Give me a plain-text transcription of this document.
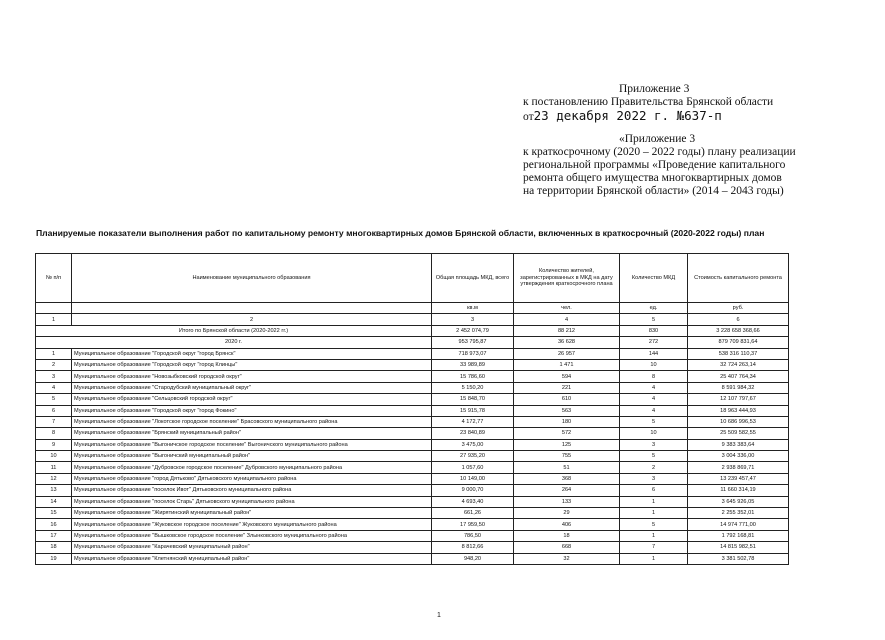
Приложение 3
к постановлению Правительства Брянской области
от23 декабря 2022 г. №637-п
«Приложение 3
к краткосрочному (2020 – 2022 годы) плану реализации
региональной программы «Проведение капитального
ремонта общего имущества многоквартирных домов
на территории Брянской области» (2014 – 2043 годы)
Планируемые показатели выполнения работ по капитальному ремонту многоквартирных домов Брянской области, включенных в краткосрочный (2020-2022 годы) план
№ п/п	Наименование муниципального образования	Общая площадь МКД, всего	Количество жителей, зарегистрированных в МКД на дату утверждения краткосрочного плана	Количество МКД	Стоимость капитального ремонта
		кв.м	чел.	ед.	руб.
1	2	3	4	5	6
Итого по Брянской области (2020-2022 гг.)		2 452 074,79	88 212	830	3 228 658 368,66
2020 г.		953 795,87	36 628	272	879 709 831,64
1	Муниципальное образование "Городской округ "город Брянск"	718 973,07	26 957	144	538 316 110,37
2	Муниципальное образование "Городской округ "город Клинцы"	33 989,89	1 471	10	32 724 263,14
3	Муниципальное образование "Новозыбковский городской округ"	15 786,60	594	8	25 407 764,34
4	Муниципальное образование "Стародубский муниципальный округ"	5 150,20	221	4	8 591 984,32
5	Муниципальное образование "Сельцовский городской округ"	15 848,70	610	4	12 107 797,67
6	Муниципальное образование "Городской округ "город Фокино"	15 915,78	563	4	18 963 444,93
7	Муниципальное образование "Локотское городское поселение" Брасовского муниципального района	4 172,77	180	5	10 686 996,53
8	Муниципальное образование "Брянский муниципальный район"	23 840,89	572	10	25 509 582,55
9	Муниципальное образование "Выгоничское городское поселение" Выгоничского муниципального района	3 475,00	125	3	9 383 383,64
10	Муниципальное образование "Выгоничский муниципальный район"	27 935,20	755	5	3 004 336,00
11	Муниципальное образование "Дубровское городское поселение" Дубровского муниципального района	1 057,60	51	2	2 938 869,71
12	Муниципальное образование "город Дятьково" Дятьковского муниципального района	10 149,00	368	3	13 239 457,47
13	Муниципальное образование "поселок Ивот" Дятьковского муниципального района	9 000,70	264	6	11 660 314,19
14	Муниципальное образование "поселок Старь" Дятьковского муниципального района	4 693,40	133	1	3 645 926,05
15	Муниципальное образование "Жирятинский муниципальный район"	661,26	29	1	2 255 352,01
16	Муниципальное образование "Жуковское городское поселение" Жуковского муниципального района	17 959,50	406	5	14 974 771,00
17	Муниципальное образование "Вышковское городское поселение" Злынковского муниципального района	786,50	18	1	1 792 168,81
18	Муниципальное образование "Карачевский муниципальный район"	8 812,66	668	7	14 815 982,51
19	Муниципальное образование "Клетнянский муниципальный район"	948,20	32	1	3 381 502,78
1
